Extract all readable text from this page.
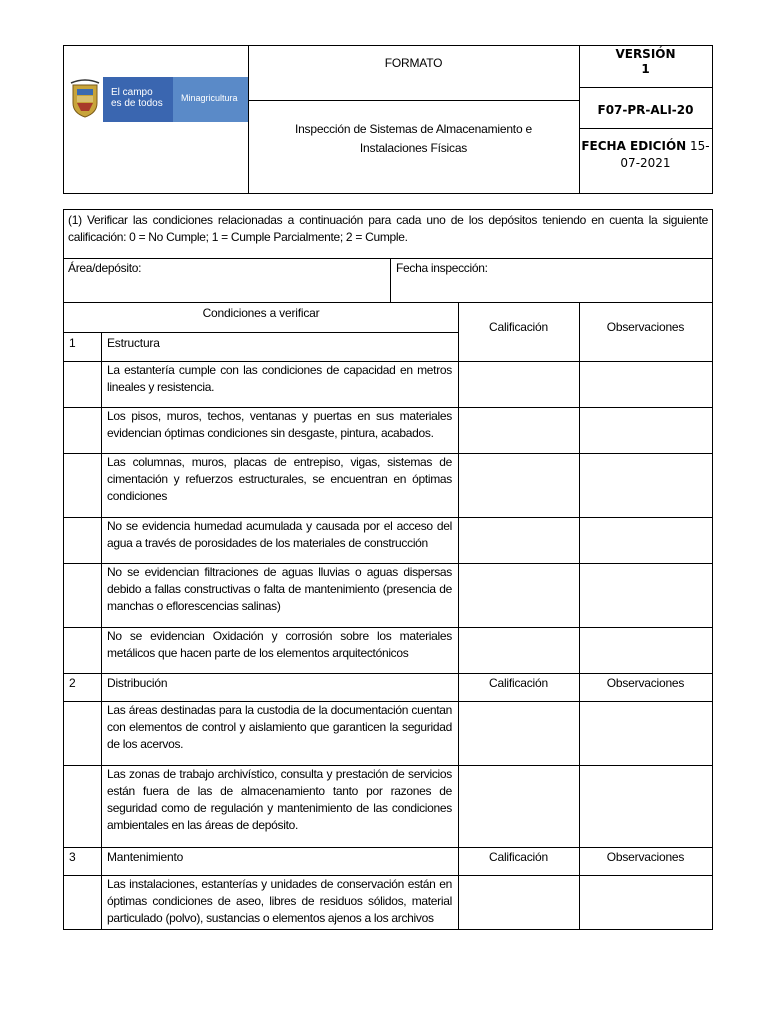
El campo
es de todos	Minagricultura
FORMATO
Inspección de Sistemas de Almacenamiento e
Instalaciones Físicas
VERSIÓN
1
F07-PR-ALI-20
FECHA EDICIÓN 15-
07-2021
(1) Verificar las condiciones relacionadas a continuación para cada uno de los depósitos teniendo en cuenta la siguiente
calificación: 0 = No Cumple; 1 = Cumple Parcialmente; 2 = Cumple.
Área/depósito:	Fecha inspección:
Condiciones a verificar
Calificación	Observaciones
1	Estructura
La estantería cumple con las condiciones de capacidad en metros lineales y resistencia.
Los pisos, muros, techos, ventanas y puertas en sus materiales evidencian óptimas condiciones sin desgaste, pintura, acabados.
Las columnas, muros, placas de entrepiso, vigas, sistemas de cimentación y refuerzos estructurales, se encuentran en óptimas condiciones
No se evidencia humedad acumulada y causada por el acceso del agua a través de porosidades de los materiales de construcción
No se evidencian filtraciones de aguas lluvias o aguas dispersas debido a fallas constructivas o falta de mantenimiento (presencia de manchas o eflorescencias salinas)
No se evidencian Oxidación y corrosión sobre los materiales metálicos que hacen parte de los elementos arquitectónicos
2	Distribución	Calificación	Observaciones
Las áreas destinadas para la custodia de la documentación cuentan con elementos de control y aislamiento que garanticen la seguridad de los acervos.
Las zonas de trabajo archivístico, consulta y prestación de servicios están fuera de las de almacenamiento tanto por razones de seguridad como de regulación y mantenimiento de las condiciones ambientales en las áreas de depósito.
3	Mantenimiento	Calificación	Observaciones
Las instalaciones, estanterías y unidades de conservación están en óptimas condiciones de aseo, libres de residuos sólidos, material particulado (polvo), sustancias o elementos ajenos a los archivos
